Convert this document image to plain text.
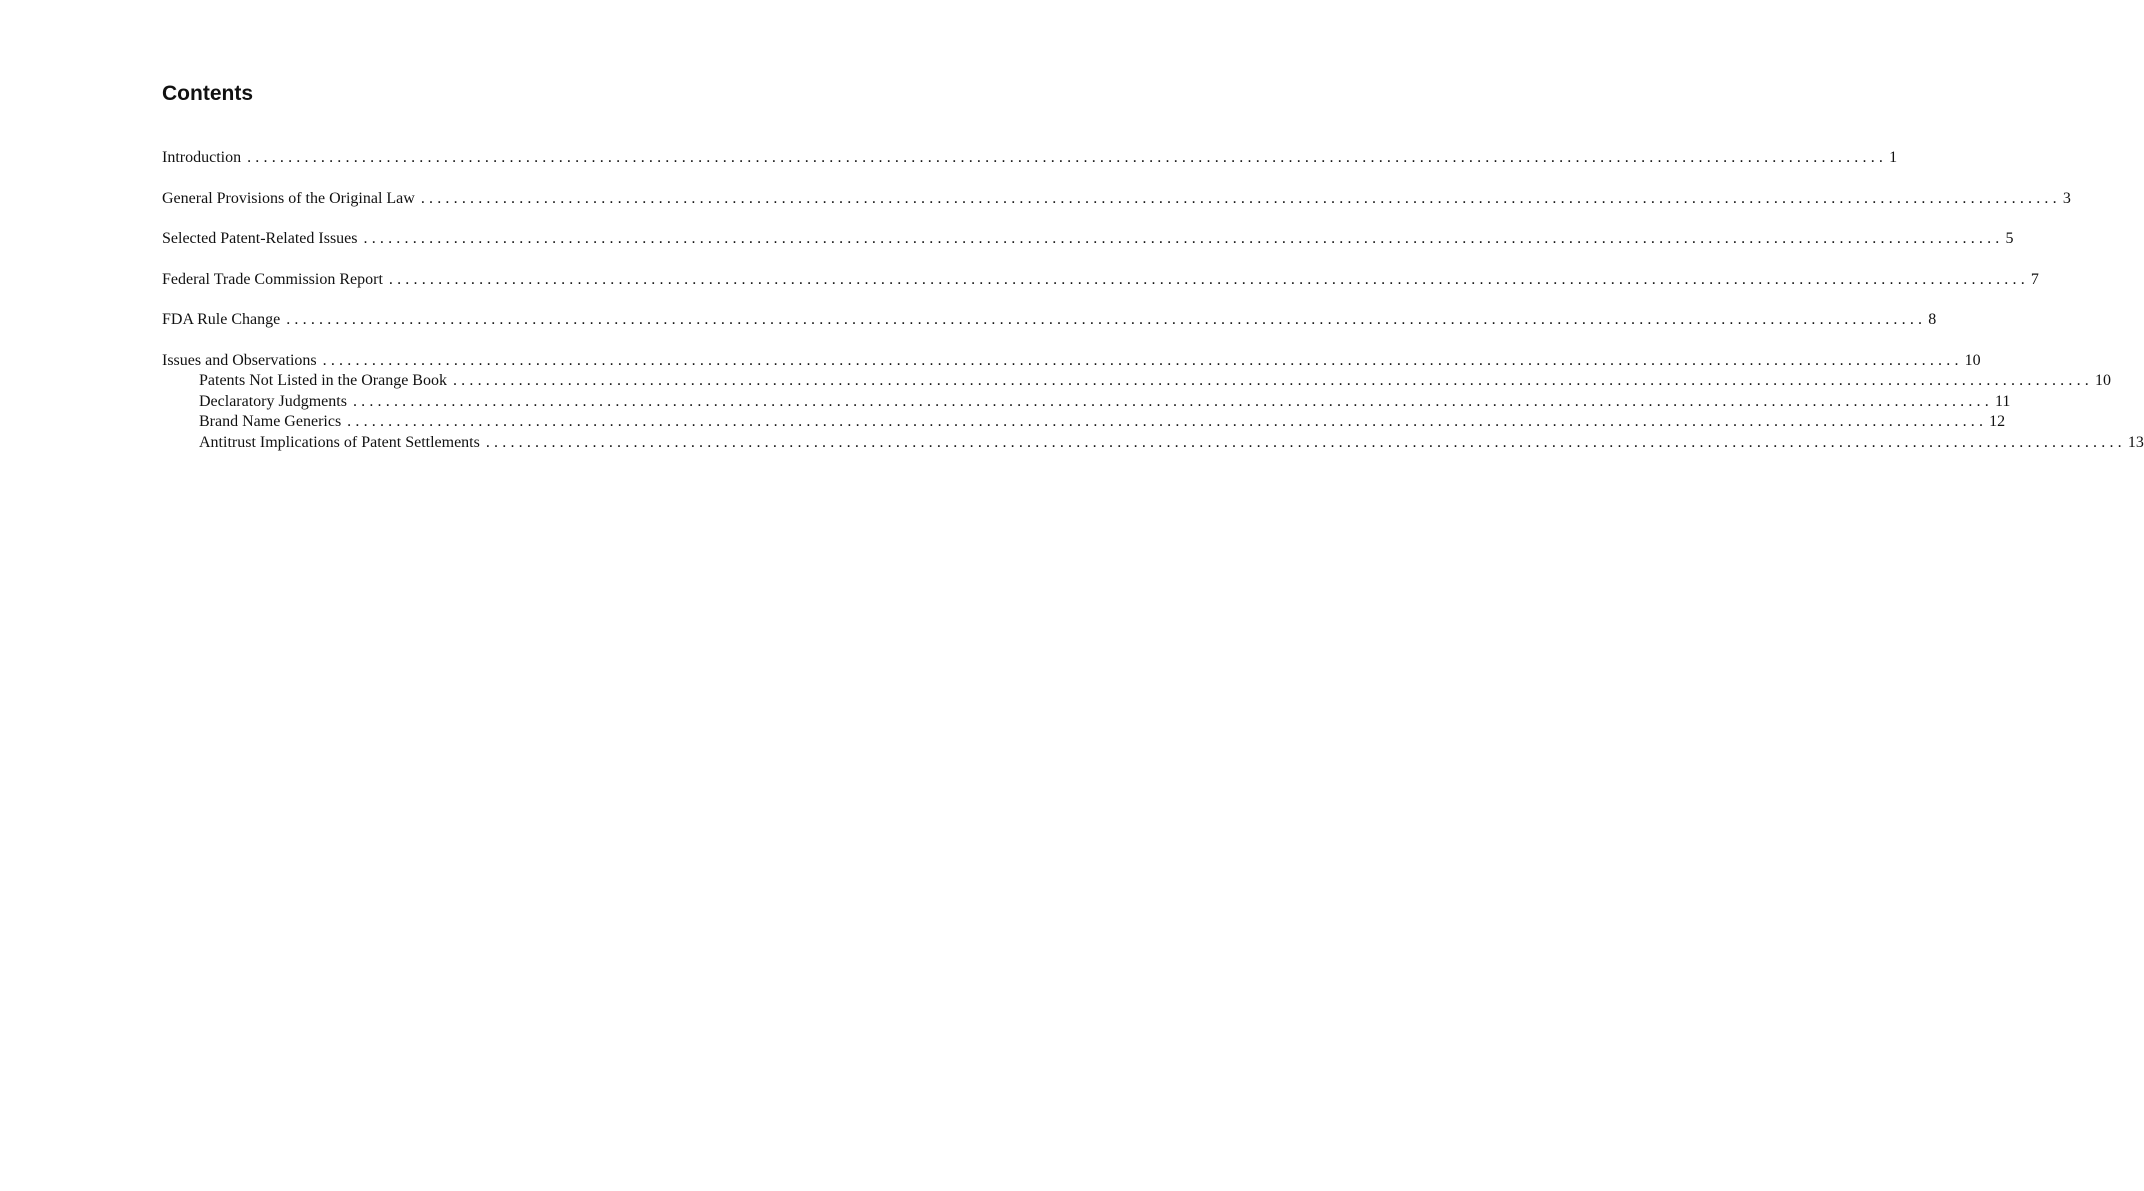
Contents
Introduction ........................................................................................................................................................................................................ 1
General Provisions of the Original Law ........................................................................................................................................................................................................ 3
Selected Patent-Related Issues ........................................................................................................................................................................................................ 5
Federal Trade Commission Report ........................................................................................................................................................................................................ 7
FDA Rule Change ........................................................................................................................................................................................................ 8
Issues and Observations ........................................................................................................................................................................................................ 10
Patents Not Listed in the Orange Book ........................................................................................................................................................................................................ 10
Declaratory Judgments ........................................................................................................................................................................................................ 11
Brand Name Generics ........................................................................................................................................................................................................ 12
Antitrust Implications of Patent Settlements ........................................................................................................................................................................................................ 13
